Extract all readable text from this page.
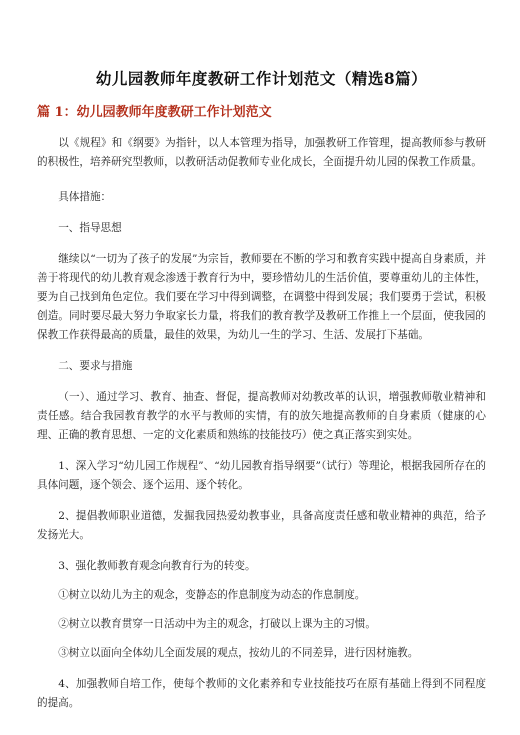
幼儿园教师年度教研工作计划范文（精选8篇）
篇 1：幼儿园教师年度教研工作计划范文

以《规程》和《纲要》为指针，以人本管理为指导，加强教研工作管理，提高教师参与教研的积极性，培养研究型教师，以教研活动促教师专业化成长，全面提升幼儿园的保教工作质量。

具体措施：

一、指导思想

继续以“一切为了孩子的发展”为宗旨，教师要在不断的学习和教育实践中提高自身素质，并善于将现代的幼儿教育观念渗透于教育行为中，要珍惜幼儿的生活价值，要尊重幼儿的主体性，要为自己找到角色定位。我们要在学习中得到调整，在调整中得到发展；我们要勇于尝试，积极创造。同时要尽最大努力争取家长力量，将我们的教育教学及教研工作推上一个层面，使我园的保教工作获得最高的质量，最佳的效果，为幼儿一生的学习、生活、发展打下基础。

二、要求与措施

（一）、通过学习、教育、抽查、督促，提高教师对幼教改革的认识，增强教师敬业精神和责任感。结合我园教育教学的水平与教师的实情，有的放矢地提高教师的自身素质（健康的心理、正确的教育思想、一定的文化素质和熟练的技能技巧）使之真正落实到实处。

1、深入学习“幼儿园工作规程”、“幼儿园教育指导纲要”（试行）等理论，根据我园所存在的具体问题，逐个领会、逐个运用、逐个转化。

2、提倡教师职业道德，发掘我园热爱幼教事业，具备高度责任感和敬业精神的典范，给予发扬光大。

3、强化教师教育观念向教育行为的转变。

①树立以幼儿为主的观念，变静态的作息制度为动态的作息制度。

②树立以教育贯穿一日活动中为主的观念，打破以上课为主的习惯。

③树立以面向全体幼儿全面发展的观点，按幼儿的不同差异，进行因材施教。

4、加强教师自培工作，使每个教师的文化素养和专业技能技巧在原有基础上得到不同程度的提高。
